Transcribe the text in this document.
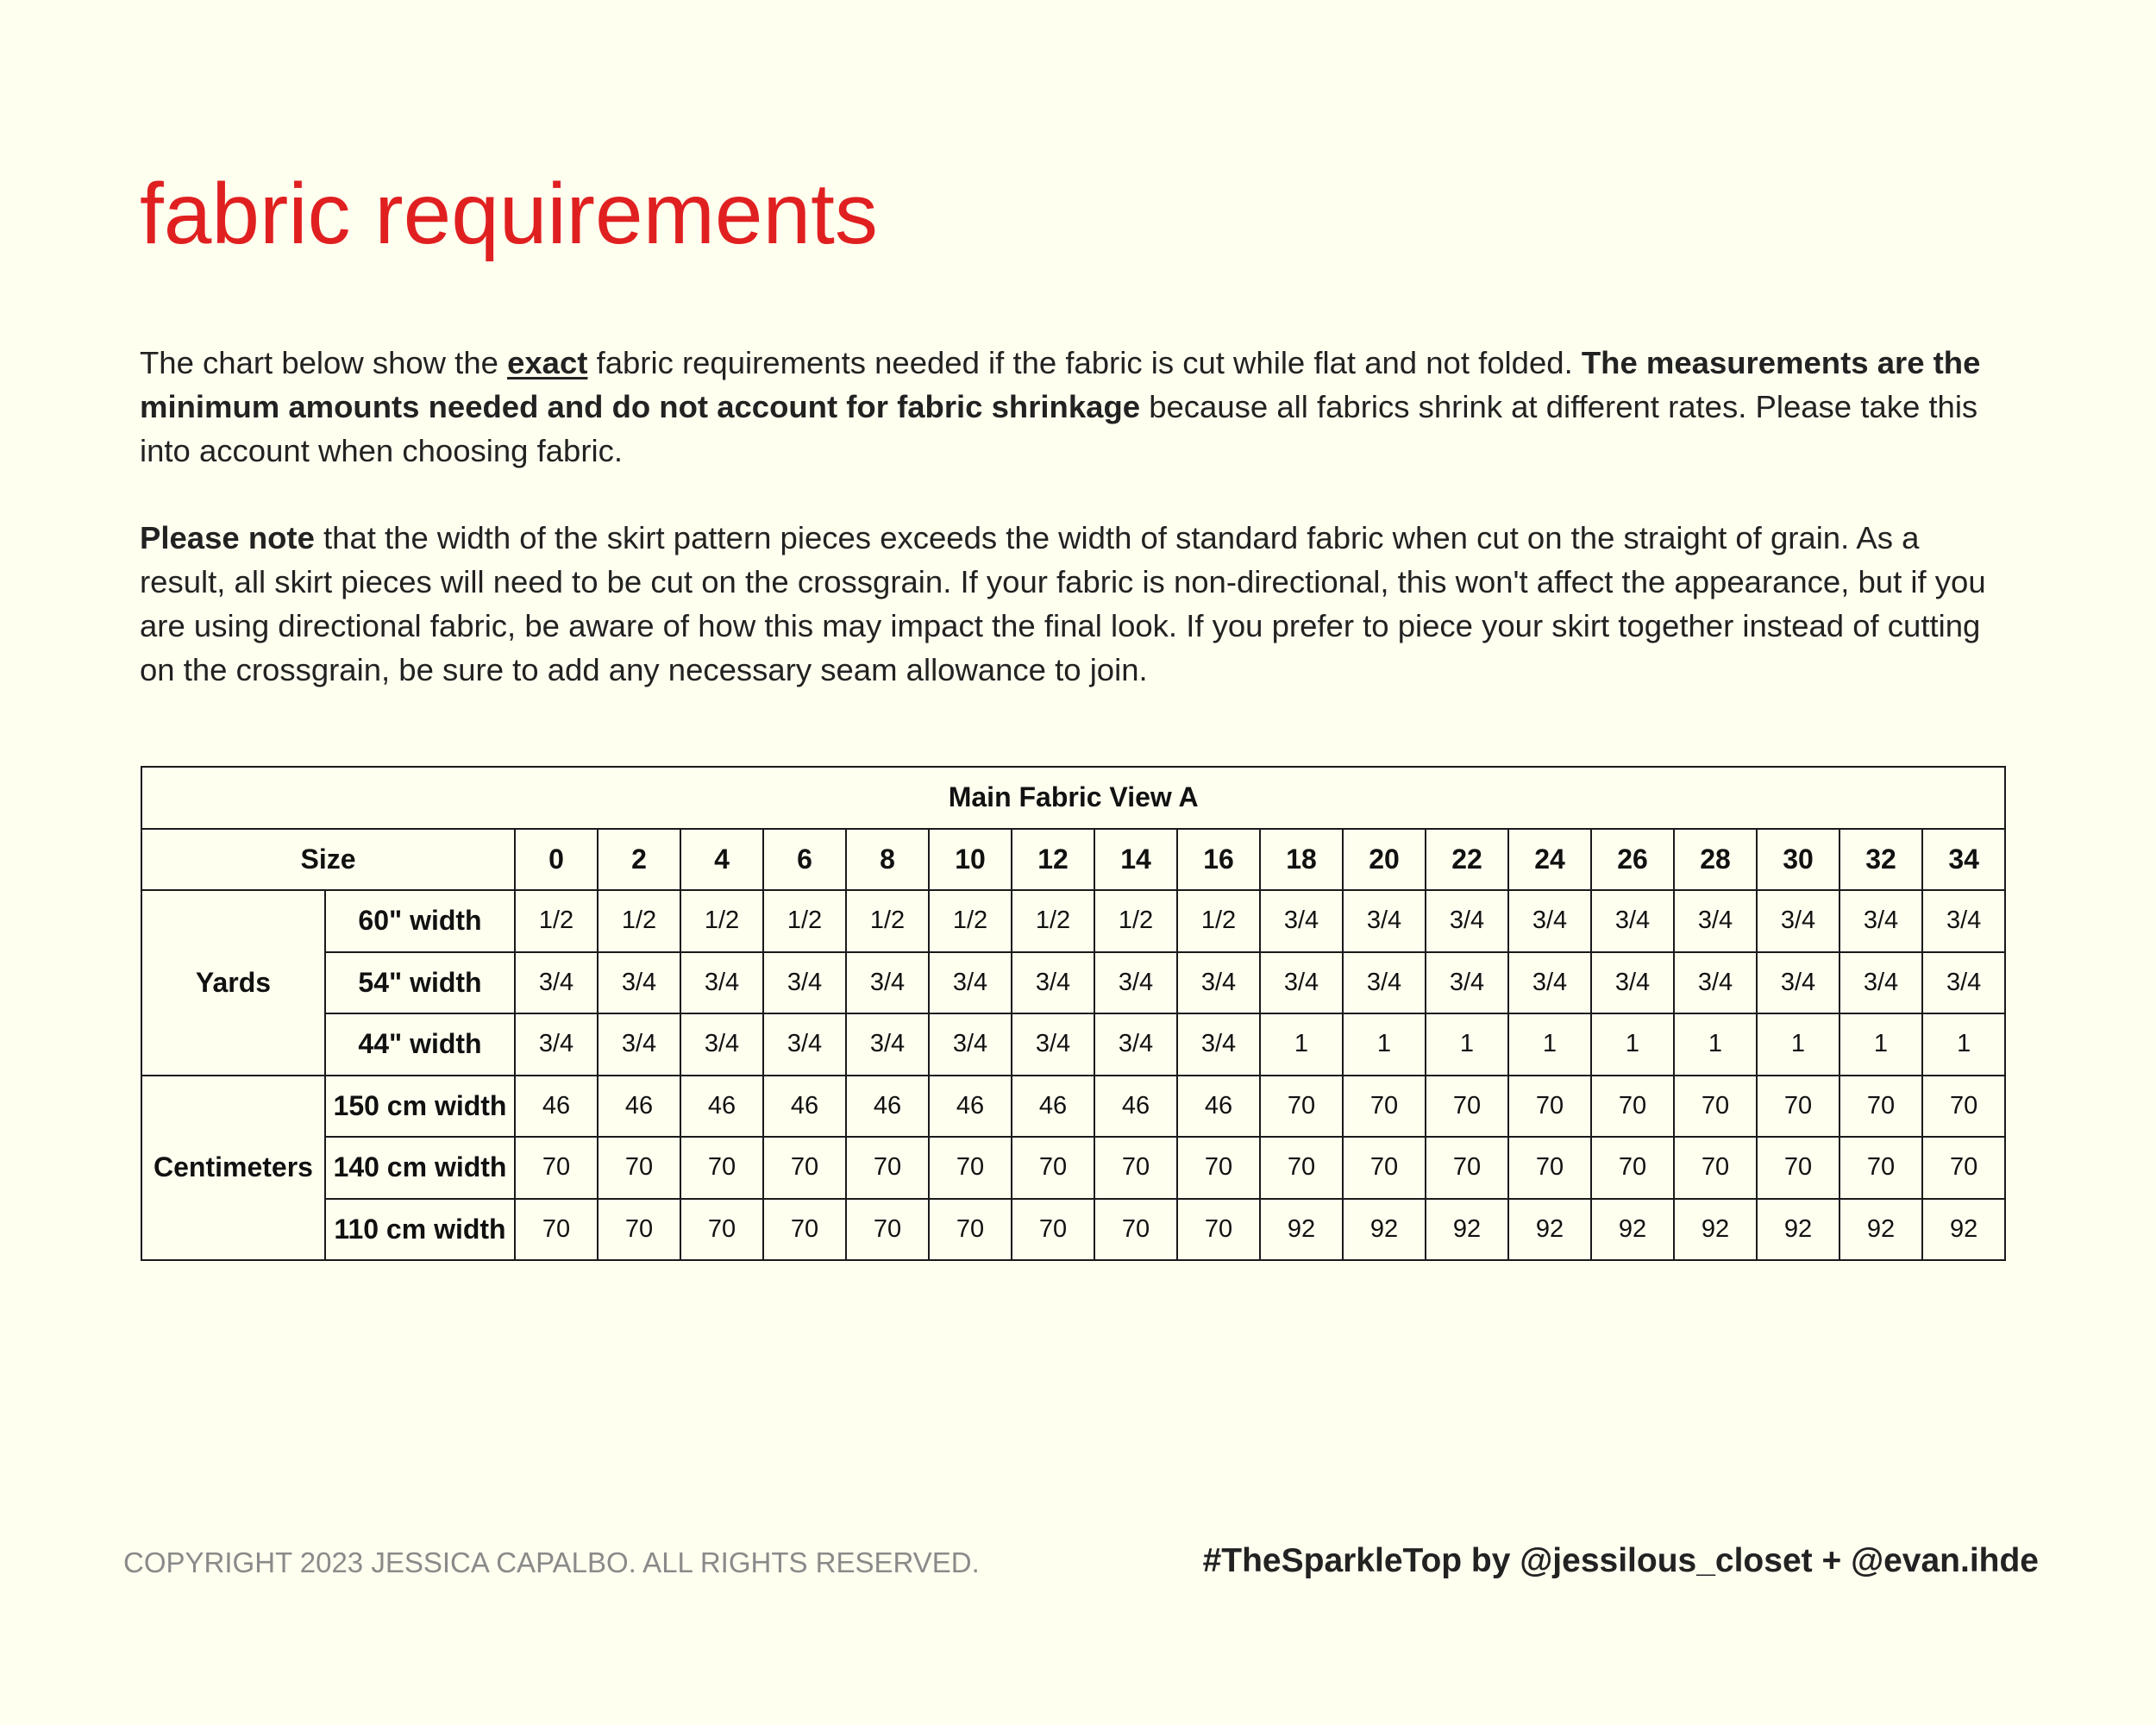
fabric requirements

The chart below show the exact fabric requirements needed if the fabric is cut while flat and not folded. The measurements are the minimum amounts needed and do not account for fabric shrinkage because all fabrics shrink at different rates. Please take this into account when choosing fabric.

Please note that the width of the skirt pattern pieces exceeds the width of standard fabric when cut on the straight of grain. As a result, all skirt pieces will need to be cut on the crossgrain. If your fabric is non-directional, this won't affect the appearance, but if you are using directional fabric, be aware of how this may impact the final look. If you prefer to piece your skirt together instead of cutting on the crossgrain, be sure to add any necessary seam allowance to join.

Main Fabric View A																			
Size		0	2	4	6	8	10	12	14	16	18	20	22	24	26	28	30	32	34
Yards	60" width	1/2	1/2	1/2	1/2	1/2	1/2	1/2	1/2	1/2	3/4	3/4	3/4	3/4	3/4	3/4	3/4	3/4	3/4
	54" width	3/4	3/4	3/4	3/4	3/4	3/4	3/4	3/4	3/4	3/4	3/4	3/4	3/4	3/4	3/4	3/4	3/4	3/4
	44" width	3/4	3/4	3/4	3/4	3/4	3/4	3/4	3/4	3/4	1	1	1	1	1	1	1	1	1
Centimeters	150 cm width	46	46	46	46	46	46	46	46	46	70	70	70	70	70	70	70	70	70
	140 cm width	70	70	70	70	70	70	70	70	70	70	70	70	70	70	70	70	70	70
	110 cm width	70	70	70	70	70	70	70	70	70	92	92	92	92	92	92	92	92	92
COPYRIGHT 2023 JESSICA CAPALBO. ALL RIGHTS RESERVED.	#TheSparkleTop by @jessilous_closet + @evan.ihde
